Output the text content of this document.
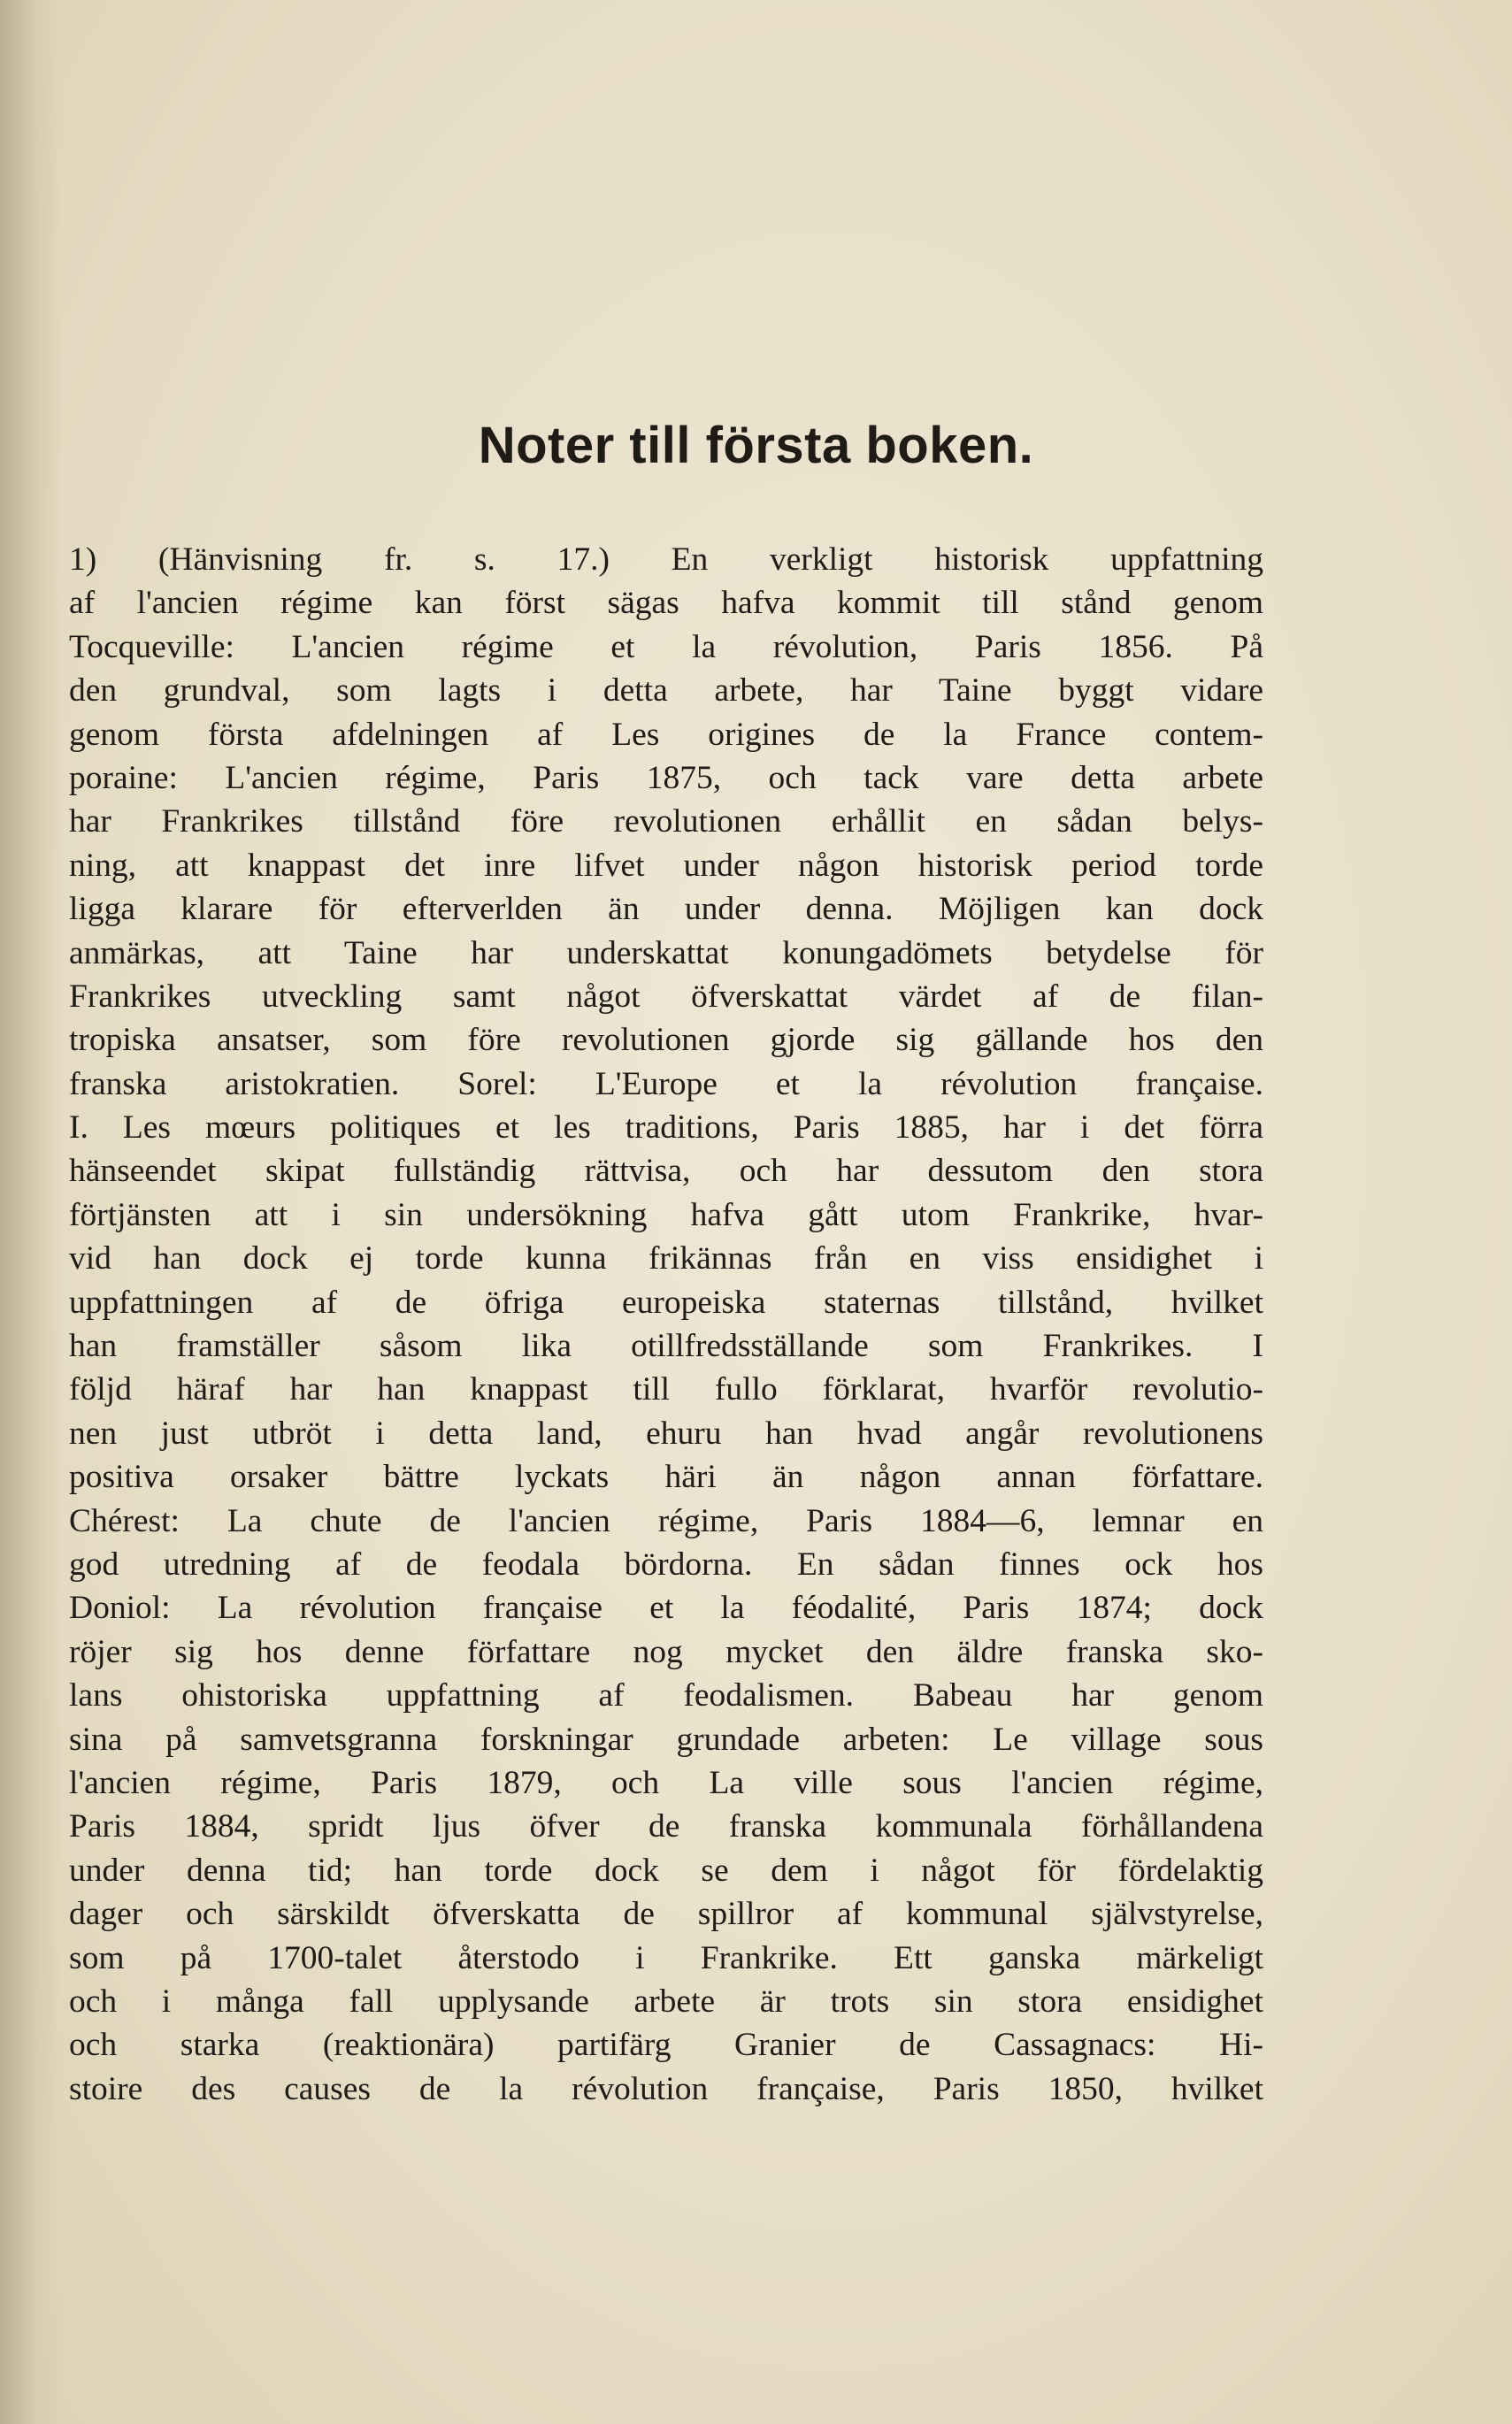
Noter till första boken.
1) (Hänvisning fr. s. 17.) En verkligt historisk uppfattning
af l'ancien régime kan först sägas hafva kommit till stånd genom
Tocqueville: L'ancien régime et la révolution, Paris 1856. På
den grundval, som lagts i detta arbete, har Taine byggt vidare
genom första afdelningen af Les origines de la France contem-
poraine: L'ancien régime, Paris 1875, och tack vare detta arbete
har Frankrikes tillstånd före revolutionen erhållit en sådan belys-
ning, att knappast det inre lifvet under någon historisk period torde
ligga klarare för efterverlden än under denna. Möjligen kan dock
anmärkas, att Taine har underskattat konungadömets betydelse för
Frankrikes utveckling samt något öfverskattat värdet af de filan-
tropiska ansatser, som före revolutionen gjorde sig gällande hos den
franska aristokratien. Sorel: L'Europe et la révolution française.
I. Les mœurs politiques et les traditions, Paris 1885, har i det förra
hänseendet skipat fullständig rättvisa, och har dessutom den stora
förtjänsten att i sin undersökning hafva gått utom Frankrike, hvar-
vid han dock ej torde kunna frikännas från en viss ensidighet i
uppfattningen af de öfriga europeiska staternas tillstånd, hvilket
han framställer såsom lika otillfredsställande som Frankrikes. I
följd häraf har han knappast till fullo förklarat, hvarför revolutio-
nen just utbröt i detta land, ehuru han hvad angår revolutionens
positiva orsaker bättre lyckats häri än någon annan författare.
Chérest: La chute de l'ancien régime, Paris 1884—6, lemnar en
god utredning af de feodala bördorna. En sådan finnes ock hos
Doniol: La révolution française et la féodalité, Paris 1874; dock
röjer sig hos denne författare nog mycket den äldre franska sko-
lans ohistoriska uppfattning af feodalismen. Babeau har genom
sina på samvetsgranna forskningar grundade arbeten: Le village sous
l'ancien régime, Paris 1879, och La ville sous l'ancien régime,
Paris 1884, spridt ljus öfver de franska kommunala förhållandena
under denna tid; han torde dock se dem i något för fördelaktig
dager och särskildt öfverskatta de spillror af kommunal självstyrelse,
som på 1700-talet återstodo i Frankrike. Ett ganska märkeligt
och i många fall upplysande arbete är trots sin stora ensidighet
och starka (reaktionära) partifärg Granier de Cassagnacs: Hi-
stoire des causes de la révolution française, Paris 1850, hvilket
